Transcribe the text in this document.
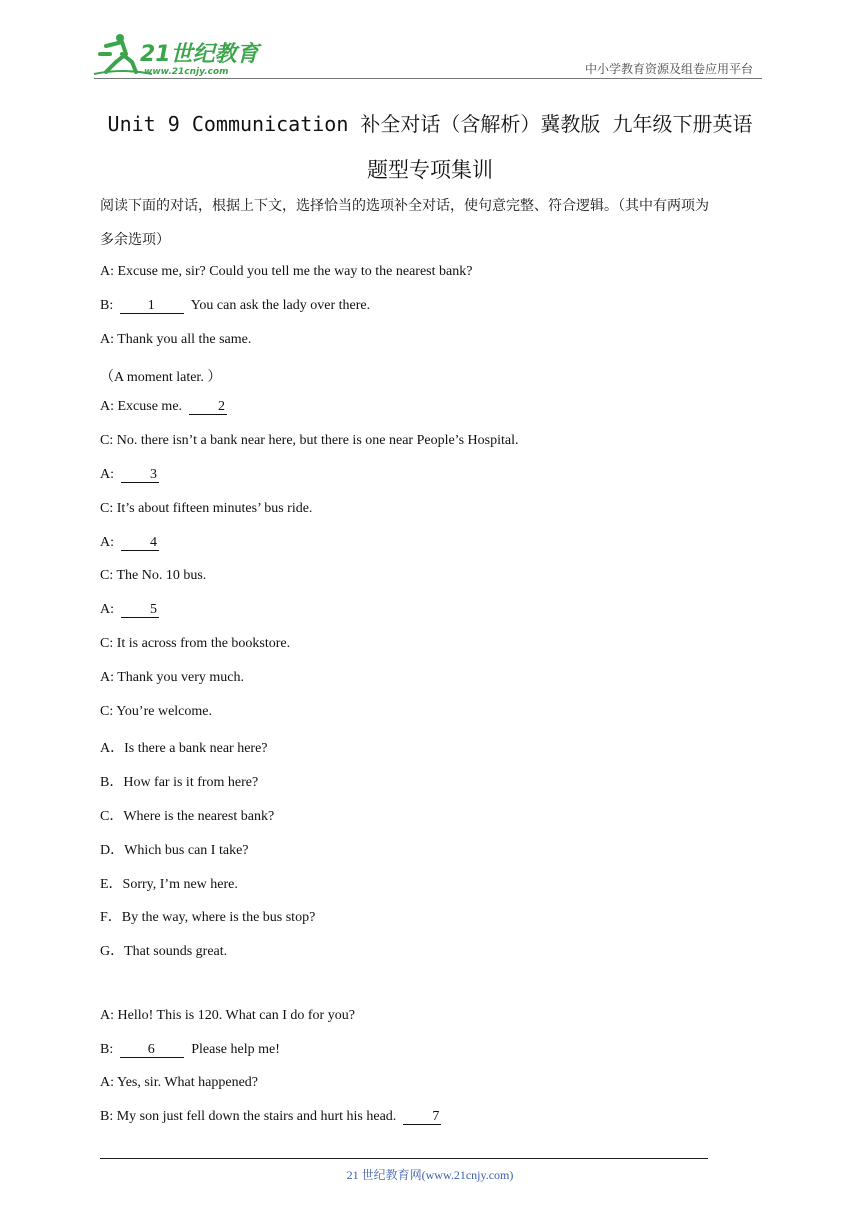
21世纪教育
www.21cnjy.com	中小学教育资源及组卷应用平台
Unit 9 Communication 补全对话（含解析）冀教版 九年级下册英语
题型专项集训
阅读下面的对话，根据上下文，选择恰当的选项补全对话，使句意完整、符合逻辑。（其中有两项为
多余选项）
A: Excuse me, sir? Could you tell me the way to the nearest bank?
B: 1	You can ask the lady over there.
A: Thank you all the same.
（A moment later. ）
A: Excuse me.	2
C: No. there isn’t a bank near here, but there is one near People’s Hospital.
A:	3
C: It’s about fifteen minutes’ bus ride.
A:	4
C: The No. 10 bus.
A:	5
C: It is across from the bookstore.
A: Thank you very much.
C: You’re welcome.
A．Is there a bank near here?
B．How far is it from here?
C．Where is the nearest bank?
D．Which bus can I take?
E．Sorry, I’m new here.
F．By the way, where is the bus stop?
G．That sounds great.
A: Hello! This is 120. What can I do for you?
B: 6	Please help me!
A: Yes, sir. What happened?
B: My son just fell down the stairs and hurt his head.	7
21 世纪教育网(www.21cnjy.com)
